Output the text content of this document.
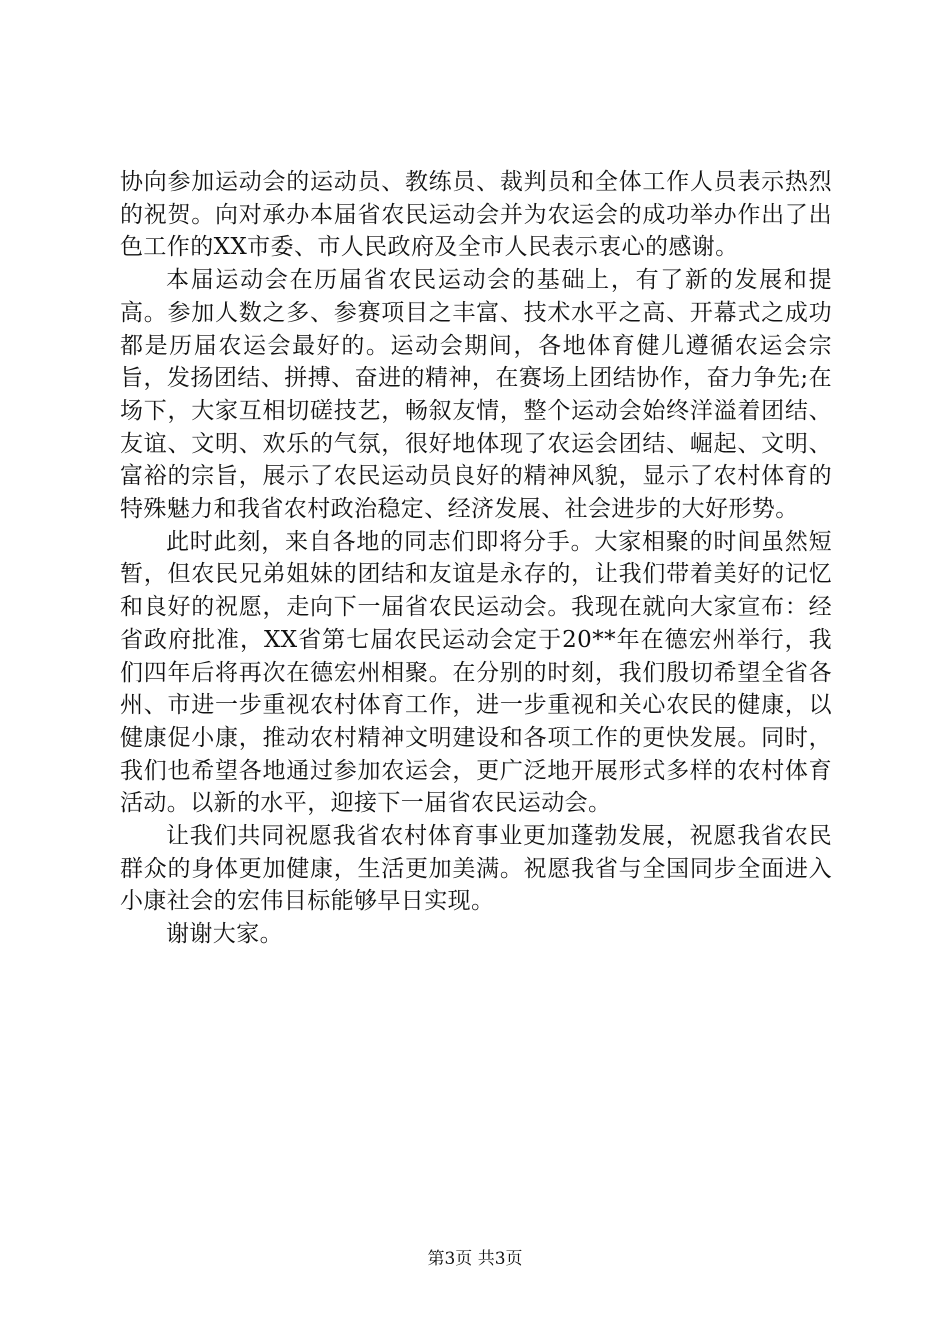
协向参加运动会的运动员、教练员、裁判员和全体工作人员表示热烈的祝贺。向对承办本届省农民运动会并为农运会的成功举办作出了出色工作的XX市委、市人民政府及全市人民表示衷心的感谢。

本届运动会在历届省农民运动会的基础上，有了新的发展和提高。参加人数之多、参赛项目之丰富、技术水平之高、开幕式之成功都是历届农运会最好的。运动会期间，各地体育健儿遵循农运会宗旨，发扬团结、拼搏、奋进的精神，在赛场上团结协作，奋力争先;在场下，大家互相切磋技艺，畅叙友情，整个运动会始终洋溢着团结、友谊、文明、欢乐的气氛，很好地体现了农运会团结、崛起、文明、富裕的宗旨，展示了农民运动员良好的精神风貌，显示了农村体育的特殊魅力和我省农村政治稳定、经济发展、社会进步的大好形势。

此时此刻，来自各地的同志们即将分手。大家相聚的时间虽然短暂，但农民兄弟姐妹的团结和友谊是永存的，让我们带着美好的记忆和良好的祝愿，走向下一届省农民运动会。我现在就向大家宣布：经省政府批准，XX省第七届农民运动会定于20**年在德宏州举行，我们四年后将再次在德宏州相聚。在分别的时刻，我们殷切希望全省各州、市进一步重视农村体育工作，进一步重视和关心农民的健康，以健康促小康，推动农村精神文明建设和各项工作的更快发展。同时，我们也希望各地通过参加农运会，更广泛地开展形式多样的农村体育活动。以新的水平，迎接下一届省农民运动会。

让我们共同祝愿我省农村体育事业更加蓬勃发展，祝愿我省农民群众的身体更加健康，生活更加美满。祝愿我省与全国同步全面进入小康社会的宏伟目标能够早日实现。

谢谢大家。

第3页 共3页
